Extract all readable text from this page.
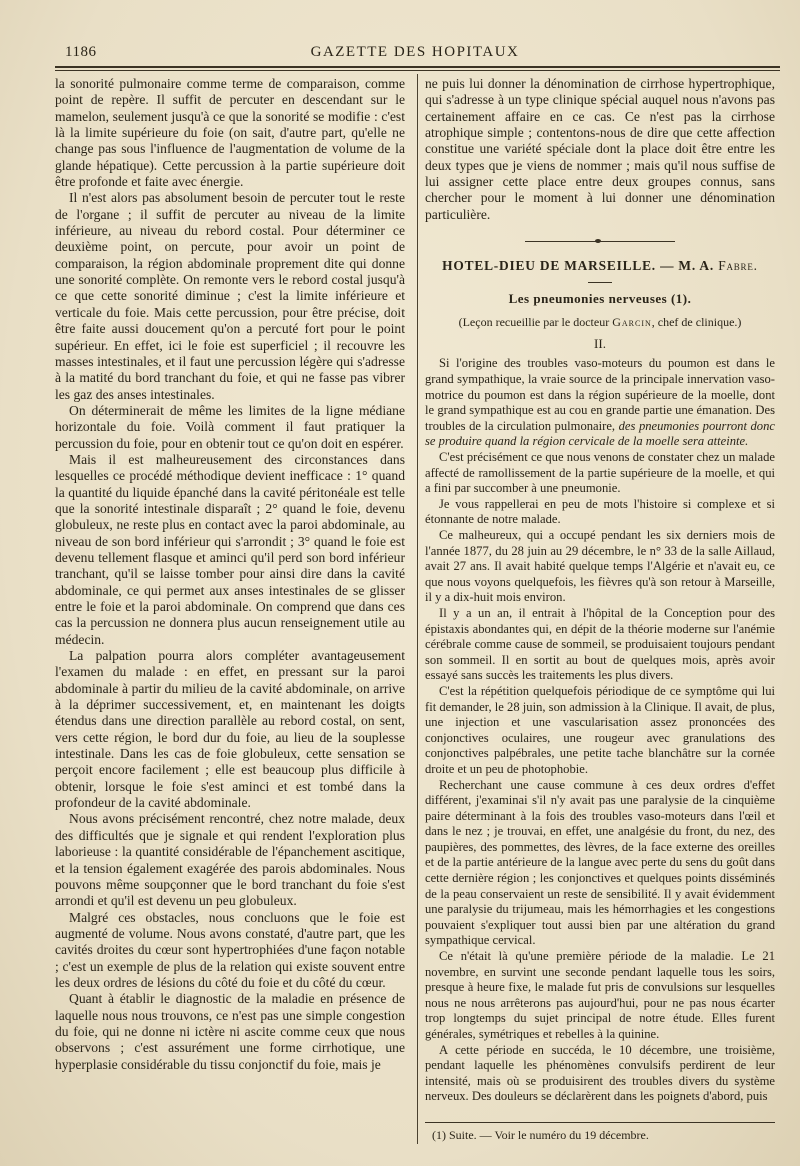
1186	GAZETTE DES HOPITAUX

la sonorité pulmonaire comme terme de comparaison, comme point de repère. Il suffit de percuter en descendant sur le mamelon, seulement jusqu'à ce que la sonorité se modifie : c'est là la limite supérieure du foie (on sait, d'autre part, qu'elle ne change pas sous l'influence de l'augmentation de volume de la glande hépatique). Cette percussion à la partie supérieure doit être profonde et faite avec énergie.

Il n'est alors pas absolument besoin de percuter tout le reste de l'organe ; il suffit de percuter au niveau de la limite inférieure, au niveau du rebord costal. Pour déterminer ce deuxième point, on percute, pour avoir un point de comparaison, la région abdominale proprement dite qui donne une sonorité complète. On remonte vers le rebord costal jusqu'à ce que cette sonorité diminue ; c'est la limite inférieure et verticale du foie. Mais cette percussion, pour être précise, doit être faite aussi doucement qu'on a percuté fort pour le point supérieur. En effet, ici le foie est superficiel ; il recouvre les masses intestinales, et il faut une percussion légère qui s'adresse à la matité du bord tranchant du foie, et qui ne fasse pas vibrer les gaz des anses intestinales.

On déterminerait de même les limites de la ligne médiane horizontale du foie. Voilà comment il faut pratiquer la percussion du foie, pour en obtenir tout ce qu'on doit en espérer.

Mais il est malheureusement des circonstances dans lesquelles ce procédé méthodique devient inefficace : 1° quand la quantité du liquide épanché dans la cavité péritonéale est telle que la sonorité intestinale disparaît ; 2° quand le foie, devenu globuleux, ne reste plus en contact avec la paroi abdominale, au niveau de son bord inférieur qui s'arrondit ; 3° quand le foie est devenu tellement flasque et aminci qu'il perd son bord inférieur tranchant, qu'il se laisse tomber pour ainsi dire dans la cavité abdominale, ce qui permet aux anses intestinales de se glisser entre le foie et la paroi abdominale. On comprend que dans ces cas la percussion ne donnera plus aucun renseignement utile au médecin.

La palpation pourra alors compléter avantageusement l'examen du malade : en effet, en pressant sur la paroi abdominale à partir du milieu de la cavité abdominale, on arrive à la déprimer successivement, et, en maintenant les doigts étendus dans une direction parallèle au rebord costal, on sent, vers cette région, le bord dur du foie, au lieu de la souplesse intestinale. Dans les cas de foie globuleux, cette sensation se perçoit encore facilement ; elle est beaucoup plus difficile à obtenir, lorsque le foie s'est aminci et est tombé dans la profondeur de la cavité abdominale.

Nous avons précisément rencontré, chez notre malade, deux des difficultés que je signale et qui rendent l'exploration plus laborieuse : la quantité considérable de l'épanchement ascitique, et la tension également exagérée des parois abdominales. Nous pouvons même soupçonner que le bord tranchant du foie s'est arrondi et qu'il est devenu un peu globuleux.

Malgré ces obstacles, nous concluons que le foie est augmenté de volume. Nous avons constaté, d'autre part, que les cavités droites du cœur sont hypertrophiées d'une façon notable ; c'est un exemple de plus de la relation qui existe souvent entre les deux ordres de lésions du côté du foie et du côté du cœur.

Quant à établir le diagnostic de la maladie en présence de laquelle nous nous trouvons, ce n'est pas une simple congestion du foie, qui ne donne ni ictère ni ascite comme ceux que nous observons ; c'est assurément une forme cirrhotique, une hyperplasie considérable du tissu conjonctif du foie, mais je

ne puis lui donner la dénomination de cirrhose hypertrophique, qui s'adresse à un type clinique spécial auquel nous n'avons pas certainement affaire en ce cas. Ce n'est pas la cirrhose atrophique simple ; contentons-nous de dire que cette affection constitue une variété spéciale dont la place doit être entre les deux types que je viens de nommer ; mais qu'il nous suffise de lui assigner cette place entre deux groupes connus, sans chercher pour le moment à lui donner une dénomination particulière.

HOTEL-DIEU DE MARSEILLE. — M. A. Fabre.
Les pneumonies nerveuses (1).
(Leçon recueillie par le docteur Garcin, chef de clinique.)
II.

Si l'origine des troubles vaso-moteurs du poumon est dans le grand sympathique, la vraie source de la principale innervation vaso-motrice du poumon est dans la région supérieure de la moelle, dont le grand sympathique est au cou en grande partie une émanation. Des troubles de la circulation pulmonaire, des pneumonies pourront donc se produire quand la région cervicale de la moelle sera atteinte.

C'est précisément ce que nous venons de constater chez un malade affecté de ramollissement de la partie supérieure de la moelle, et qui a fini par succomber à une pneumonie.

Je vous rappellerai en peu de mots l'histoire si complexe et si étonnante de notre malade.

Ce malheureux, qui a occupé pendant les six derniers mois de l'année 1877, du 28 juin au 29 décembre, le n° 33 de la salle Aillaud, avait 27 ans. Il avait habité quelque temps l'Algérie et n'avait eu, ce que nous voyons quelquefois, les fièvres qu'à son retour à Marseille, il y a dix-huit mois environ.

Il y a un an, il entrait à l'hôpital de la Conception pour des épistaxis abondantes qui, en dépit de la théorie moderne sur l'anémie cérébrale comme cause de sommeil, se produisaient toujours pendant son sommeil. Il en sortit au bout de quelques mois, après avoir essayé sans succès les traitements les plus divers.

C'est la répétition quelquefois périodique de ce symptôme qui lui fit demander, le 28 juin, son admission à la Clinique. Il avait, de plus, une injection et une vascularisation assez prononcées des conjonctives oculaires, une rougeur avec granulations des conjonctives palpébrales, une petite tache blanchâtre sur la cornée droite et un peu de photophobie.

Recherchant une cause commune à ces deux ordres d'effet différent, j'examinai s'il n'y avait pas une paralysie de la cinquième paire déterminant à la fois des troubles vaso-moteurs dans l'œil et dans le nez ; je trouvai, en effet, une analgésie du front, du nez, des paupières, des pommettes, des lèvres, de la face externe des oreilles et de la partie antérieure de la langue avec perte du sens du goût dans cette dernière région ; les conjonctives et quelques points disséminés de la peau conservaient un reste de sensibilité. Il y avait évidemment une paralysie du trijumeau, mais les hémorrhagies et les congestions pouvaient s'expliquer tout aussi bien par une altération du grand sympathique cervical.

Ce n'était là qu'une première période de la maladie. Le 21 novembre, en survint une seconde pendant laquelle tous les soirs, presque à heure fixe, le malade fut pris de convulsions sur lesquelles nous ne nous arrêterons pas aujourd'hui, pour ne pas nous écarter trop longtemps du sujet principal de notre étude. Elles furent générales, symétriques et rebelles à la quinine.

A cette période en succéda, le 10 décembre, une troisième, pendant laquelle les phénomènes convulsifs perdirent de leur intensité, mais où se produisirent des troubles divers du système nerveux. Des douleurs se déclarèrent dans les poignets d'abord, puis

(1) Suite. — Voir le numéro du 19 décembre.
